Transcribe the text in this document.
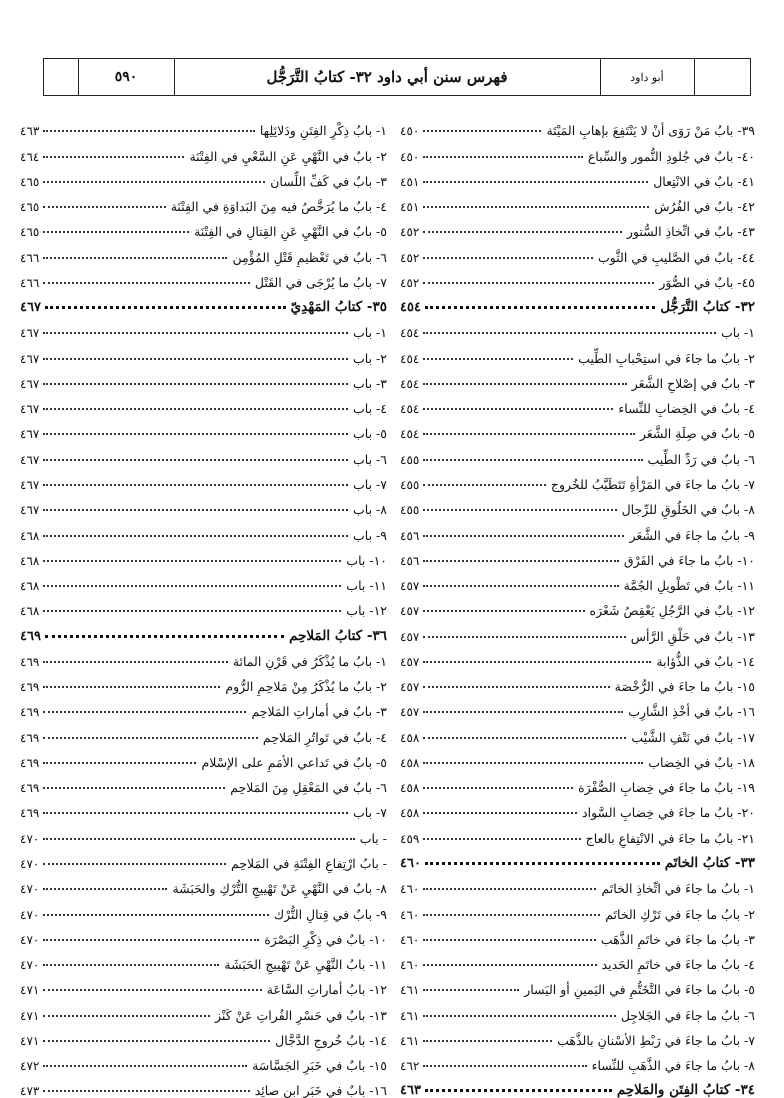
٥٩٠	فهرس سنن أبي داود ٣٢- كتابُ التَّرَجُّل	أبو داود
٣٩- بابُ مَنْ رَوَى أنْ لا يَنْتَفِعَ بإهابِ المَيْتَة
٤٥٠
٤٠- بابٌ في جُلودِ النُّمور والسِّباع
٤٥٠
٤١- بابٌ في الانْتِعال
٤٥١
٤٢- بابٌ في الفُرُش
٤٥١
٤٣- بابٌ في اتِّخاذِ السُّتور
٤٥٢
٤٤- بابٌ في الصَّليبِ في الثَّوب
٤٥٢
٤٥- بابٌ في الصُّوَر
٤٥٢
٣٢- كتابُ التَّرَجُّل
٤٥٤
١- باب
٤٥٤
٢- بابُ ما جاءَ في استِحْبابِ الطِّيب
٤٥٤
٣- بابٌ في إصْلاحِ الشَّعَر
٤٥٤
٤- بابٌ في الخِضابِ للنِّساء
٤٥٤
٥- بابٌ في صِلَةِ الشَّعَر
٤٥٤
٦- بابٌ في رَدِّ الطِّيب
٤٥٥
٧- بابُ ما جاءَ في المَرْأةِ تَتَطَيَّبُ للخُروج
٤٥٥
٨- بابٌ في الخَلُوقِ للرِّجال
٤٥٥
٩- بابُ ما جاءَ في الشَّعَر
٤٥٦
١٠- بابُ ما جاءَ في الفَرْق
٤٥٦
١١- بابٌ في تَطْويلِ الجُمَّة
٤٥٧
١٢- بابٌ في الرَّجُلِ يَعْقِصُ شَعْرَه
٤٥٧
١٣- بابٌ في حَلْقِ الرَّأس
٤٥٧
١٤- بابٌ في الذُّؤابة
٤٥٧
١٥- بابُ ما جاءَ في الرُّخْصَة
٤٥٧
١٦- بابٌ في أخْذِ الشَّارِب
٤٥٧
١٧- بابٌ في نَتْفِ الشَّيْب
٤٥٨
١٨- بابٌ في الخِضاب
٤٥٨
١٩- بابُ ما جاءَ في خِضابِ الصُّفْرَة
٤٥٨
٢٠- بابُ ما جاءَ في خِضابِ السَّواد
٤٥٨
٢١- بابُ ما جاءَ في الانْتِفاعِ بالعاج
٤٥٩
٣٣- كتابُ الخاتَم
٤٦٠
١- بابُ ما جاءَ في اتِّخاذِ الخاتَم
٤٦٠
٢- بابُ ما جاءَ في تَرْكِ الخاتَم
٤٦٠
٣- بابُ ما جاءَ في خاتَمِ الذَّهَب
٤٦٠
٤- بابُ ما جاءَ في خاتَمِ الحَديد
٤٦٠
٥- بابُ ما جاءَ في التَّخَتُّمِ في اليَمينِ أو اليَسار
٤٦١
٦- بابُ ما جاءَ في الجَلاجِل
٤٦١
٧- بابُ ما جاءَ في رَبْطِ الأسْنانِ بالذَّهَب
٤٦١
٨- بابُ ما جاءَ في الذَّهَبِ للنِّساء
٤٦٢
٣٤- كتابُ الفِتَنِ والمَلاحِم
٤٦٣
١- بابُ ذِكْرِ الفِتَنِ ودَلائِلِها
٤٦٣
٢- بابٌ في النَّهْيِ عَنِ السَّعْيِ في الفِتْنَة
٤٦٤
٣- بابٌ في كَفِّ اللِّسان
٤٦٥
٤- بابُ ما يُرَخَّصُ فيه مِنَ البَداوَةِ في الفِتْنَة
٤٦٥
٥- بابٌ في النَّهْيِ عَنِ القِتالِ في الفِتْنَة
٤٦٥
٦- بابٌ في تَعْظيمِ قَتْلِ المُؤْمِن
٤٦٦
٧- بابُ ما يُرْجَى في القَتْل
٤٦٦
٣٥- كتابُ المَهْدِيّ
٤٦٧
١- باب
٤٦٧
٢- باب
٤٦٧
٣- باب
٤٦٧
٤- باب
٤٦٧
٥- باب
٤٦٧
٦- باب
٤٦٧
٧- باب
٤٦٧
٨- باب
٤٦٧
٩- باب
٤٦٨
١٠- باب
٤٦٨
١١- باب
٤٦٨
١٢- باب
٤٦٨
٣٦- كتابُ المَلاحِم
٤٦٩
١- بابُ ما يُذْكَرُ في قَرْنِ المائة
٤٦٩
٢- بابُ ما يُذْكَرُ مِنْ مَلاحِمِ الرُّوم
٤٦٩
٣- بابٌ في أماراتِ المَلاحِم
٤٦٩
٤- بابٌ في تَواتُرِ المَلاحِم
٤٦٩
٥- بابٌ في تَداعي الأمَمِ على الإسْلام
٤٦٩
٦- بابٌ في المَعْقِلِ مِنَ المَلاحِم
٤٦٩
٧- باب
٤٦٩
- باب
٤٧٠
- بابُ ارْتِفاعِ الفِتْنَةِ في المَلاحِم
٤٧٠
٨- بابٌ في النَّهْيِ عَنْ تَهْييجِ التُّرْكِ والحَبَشَة
٤٧٠
٩- بابٌ في قِتالِ التُّرْك
٤٧٠
١٠- بابٌ في ذِكْرِ البَصْرَة
٤٧٠
١١- بابُ النَّهْيِ عَنْ تَهْييجِ الحَبَشَة
٤٧٠
١٢- بابُ أماراتِ السَّاعَة
٤٧١
١٣- بابٌ في حَسْرِ الفُراتِ عَنْ كَنْز
٤٧١
١٤- بابُ خُروجِ الدَّجَّال
٤٧١
١٥- بابٌ في خَبَرِ الجَسَّاسَة
٤٧٢
١٦- بابٌ في خَبَرِ ابنِ صائِد
٤٧٣
